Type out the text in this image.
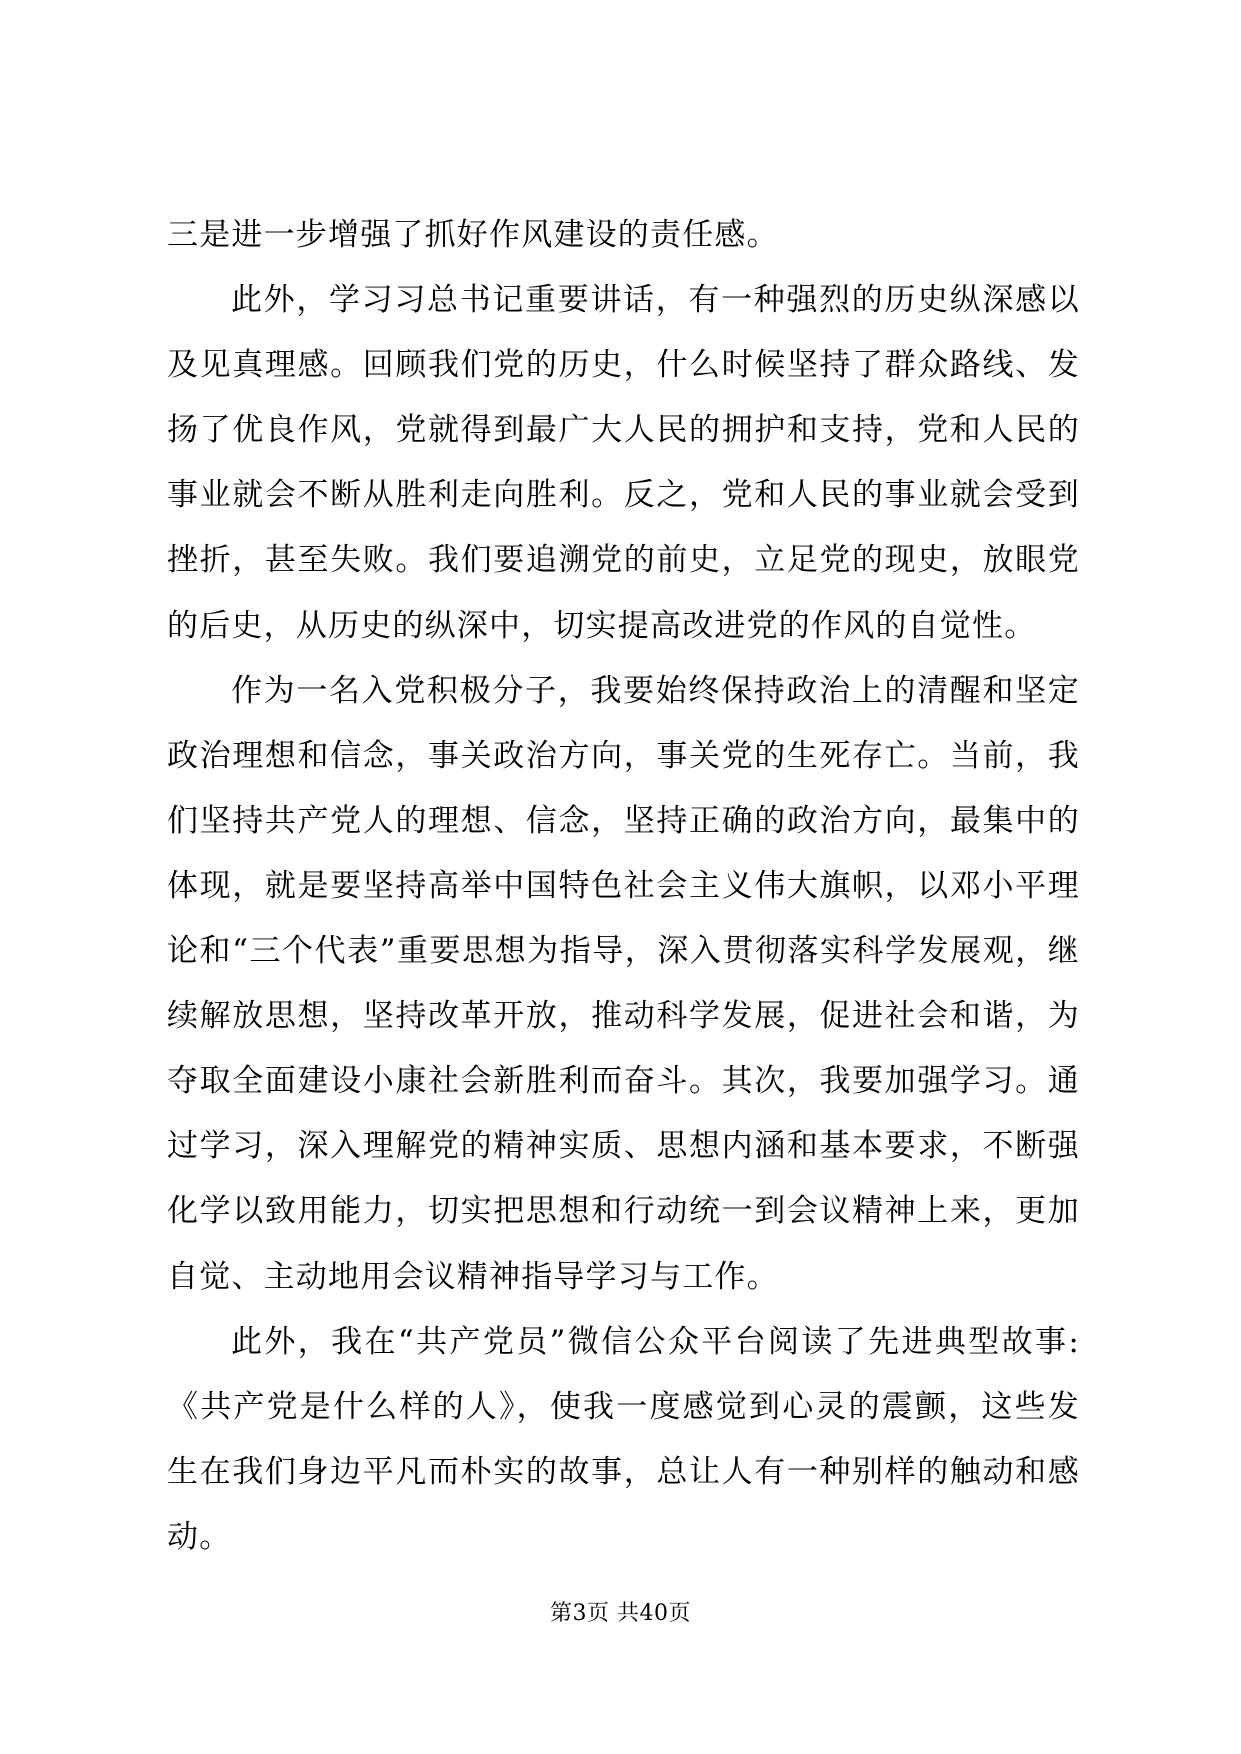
三是进一步增强了抓好作风建设的责任感。

此外，学习习总书记重要讲话，有一种强烈的历史纵深感以及见真理感。回顾我们党的历史，什么时候坚持了群众路线、发扬了优良作风，党就得到最广大人民的拥护和支持，党和人民的事业就会不断从胜利走向胜利。反之，党和人民的事业就会受到挫折，甚至失败。我们要追溯党的前史，立足党的现史，放眼党的后史，从历史的纵深中，切实提高改进党的作风的自觉性。

作为一名入党积极分子，我要始终保持政治上的清醒和坚定政治理想和信念，事关政治方向，事关党的生死存亡。当前，我们坚持共产党人的理想、信念，坚持正确的政治方向，最集中的体现，就是要坚持高举中国特色社会主义伟大旗帜，以邓小平理论和“三个代表”重要思想为指导，深入贯彻落实科学发展观，继续解放思想，坚持改革开放，推动科学发展，促进社会和谐，为夺取全面建设小康社会新胜利而奋斗。其次，我要加强学习。通过学习，深入理解党的精神实质、思想内涵和基本要求，不断强化学以致用能力，切实把思想和行动统一到会议精神上来，更加自觉、主动地用会议精神指导学习与工作。

此外，我在“共产党员”微信公众平台阅读了先进典型故事:《共产党是什么样的人》，使我一度感觉到心灵的震颤，这些发生在我们身边平凡而朴实的故事，总让人有一种别样的触动和感动。

第3页 共40页
